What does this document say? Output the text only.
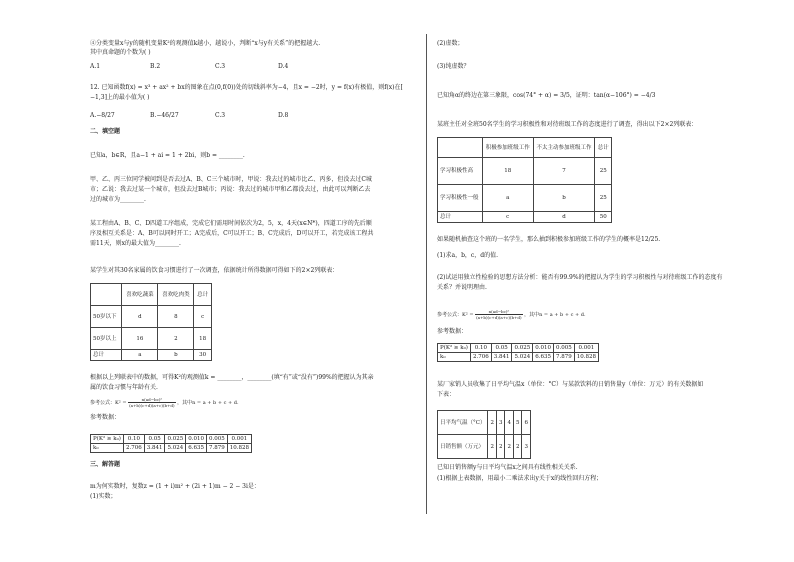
④分类变量x与y的随机变量K²的观测值k越小，越说小，判断“x与y有关系”的把握越大.
其中真命题的个数为( )
A.1	B.2	C.3	D.4
12. 已知函数f(x) = x³ + ax² + bx的图象在点(0,f(0))处的切线斜率为−4，且x = −2时，y = f(x)有极值，则f(x)在[
−1,3]上的最小值为( )
A.−8/27	B.−46/27	C.3	D.8
二、填空题
已知a，b∈R，且a−1 + ai = 1 + 2bi，则b = ________.
甲、乙、丙三位同学被问到是否去过A、B、C三个城市时，甲说：我去过的城市比乙、丙多，但没去过C城
市；乙说：我去过某一个城市，但没去过B城市；丙说：我去过的城市甲和乙都没去过，由此可以判断乙去
过的城市为________.
某工程由A、B、C、D四道工序组成，完成它们需用时间依次为2，5，x，4天(x∈N*)，四道工序的先后顺
序及相互关系是：A、B可以同时开工；A完成后，C可以开工；B、C完成后，D可以开工，若完成该工程共
需11天，则x的最大值为________.
某学生对其30名家属的饮食习惯进行了一次调查，依据统计所得数据可得如下的2×2列联表：
	喜欢吃蔬菜	喜欢吃肉类	总计
50岁以下	d	8	c
50岁以上	16	2	18
总计	a	b	30
根据以上列联表中的数据，可得K²的观测值k = ________，________(填“有”或“没有”)99%的把握认为其亲
属的饮食习惯与年龄有关.
参考公式：$K^2 = \frac{\text{n(ad−bc)²}}{(a+b)(c+d)(a+c)(b+d)}$ ，其中n = a + b + c + d.
参考数据：
P(K² ≥ k₀)	0.10	0.05	0.025	0.010	0.005	0.001
k₀	2.706	3.841	5.024	6.635	7.879	10.828
三、解答题
m为何实数时，复数z = (1 + i)m² + (2i + 1)m − 2 − 3i是：
(1)实数；
(2)虚数；
(3)纯虚数？
已知角α的终边在第三象限，cos(74° + α) = 3/5，证明：tan(α−106°) = −4/3
某班主任对全班50名学生的学习积极性和对待班级工作的态度进行了调查，得出以下2×2列联表：
	积极参加班级工作	不太主动参加班级工作	总计
学习积极性高	18	7	25
学习积极性一般	a	b	25
总计	c	d	50
如果随机抽查这个班的一名学生，那么抽到积极参加班级工作的学生的概率是12/25.
(1)求a，b，c，d的值.
(2)试运用独立性检验的思想方法分析：能否有99.9%的把握认为学生的学习积极性与对待班级工作的态度有
关系？并说明理由.
参考公式：$K^2 = \frac{\text{n(ad−bc)²}}{(a+b)(c+d)(a+c)(b+d)}$ ，其中n = a + b + c + d.
参考数据：
P(K² ≥ k₀)	0.10	0.05	0.025	0.010	0.005	0.001
k₀	2.706	3.841	5.024	6.635	7.879	10.828
某厂家销人员收集了日平均气温x（单位：°C）与某款饮料的日销售量y（单位：万元）的有关数据如
下表：
日平均气温（°C）	2	3	4	5	6
日销售额（万元）	2	2	2	2	3
已知日销售额y与日平均气温x之间具有线性相关关系.
(1)根据上表数据，用最小二乘法求出y关于x的线性回归方程；
